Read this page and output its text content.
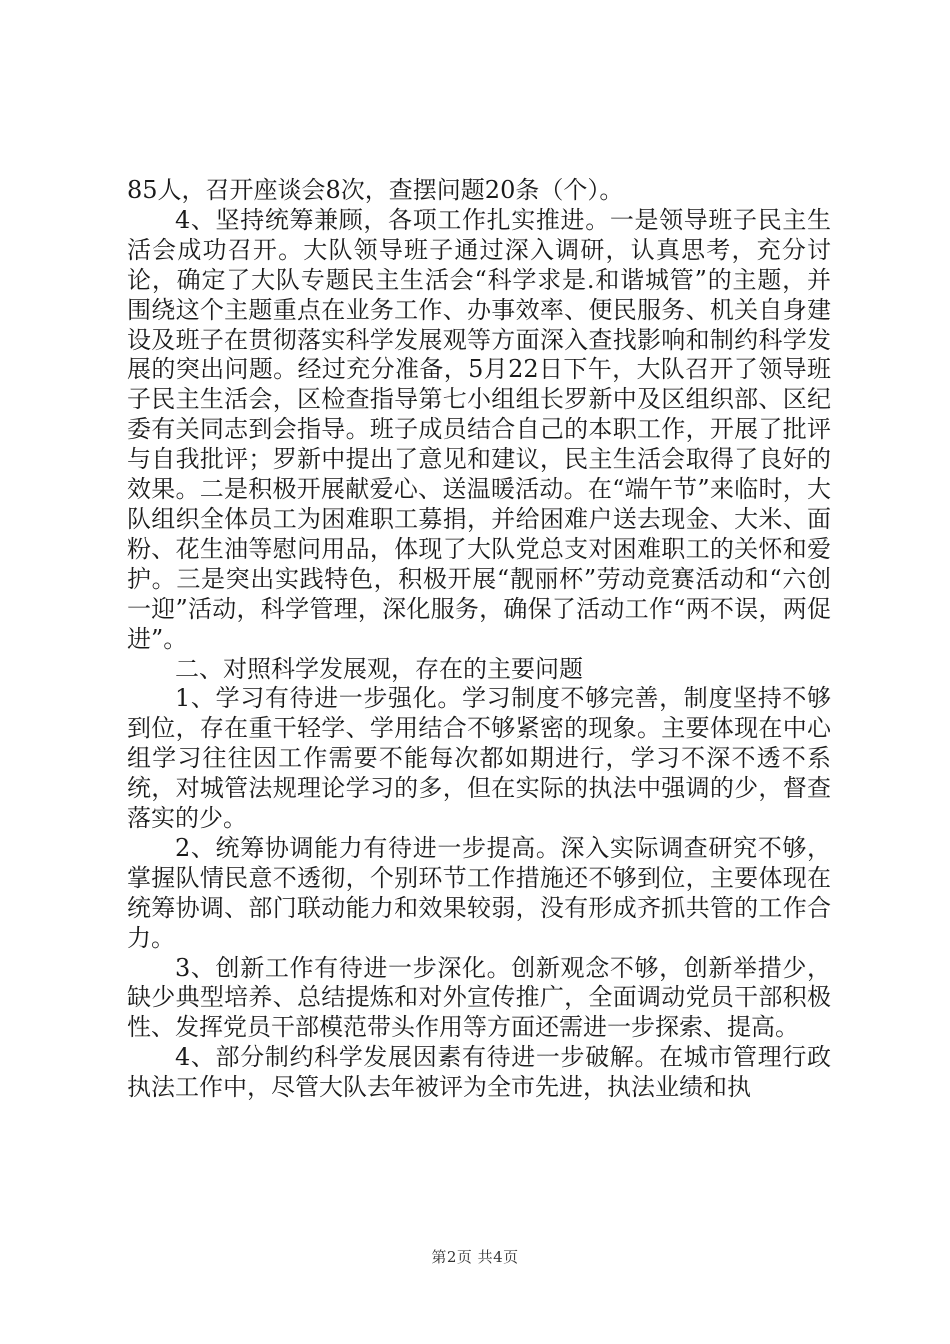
85人，召开座谈会8次，查摆问题20条（个）。

4、坚持统筹兼顾，各项工作扎实推进。一是领导班子民主生活会成功召开。大队领导班子通过深入调研，认真思考，充分讨论，确定了大队专题民主生活会“科学求是.和谐城管”的主题，并围绕这个主题重点在业务工作、办事效率、便民服务、机关自身建设及班子在贯彻落实科学发展观等方面深入查找影响和制约科学发展的突出问题。经过充分准备，5月22日下午，大队召开了领导班子民主生活会，区检查指导第七小组组长罗新中及区组织部、区纪委有关同志到会指导。班子成员结合自己的本职工作，开展了批评与自我批评；罗新中提出了意见和建议，民主生活会取得了良好的效果。二是积极开展献爱心、送温暖活动。在“端午节”来临时，大队组织全体员工为困难职工募捐，并给困难户送去现金、大米、面粉、花生油等慰问用品，体现了大队党总支对困难职工的关怀和爱护。三是突出实践特色，积极开展“靓丽杯”劳动竞赛活动和“六创一迎”活动，科学管理，深化服务，确保了活动工作“两不误，两促进”。

二、对照科学发展观，存在的主要问题

1、学习有待进一步强化。学习制度不够完善，制度坚持不够到位，存在重干轻学、学用结合不够紧密的现象。主要体现在中心组学习往往因工作需要不能每次都如期进行，学习不深不透不系统，对城管法规理论学习的多，但在实际的执法中强调的少，督查落实的少。

2、统筹协调能力有待进一步提高。深入实际调查研究不够，掌握队情民意不透彻，个别环节工作措施还不够到位，主要体现在统筹协调、部门联动能力和效果较弱，没有形成齐抓共管的工作合力。

3、创新工作有待进一步深化。创新观念不够，创新举措少，缺少典型培养、总结提炼和对外宣传推广，全面调动党员干部积极性、发挥党员干部模范带头作用等方面还需进一步探索、提高。

4、部分制约科学发展因素有待进一步破解。在城市管理行政执法工作中，尽管大队去年被评为全市先进，执法业绩和执

第2页 共4页
